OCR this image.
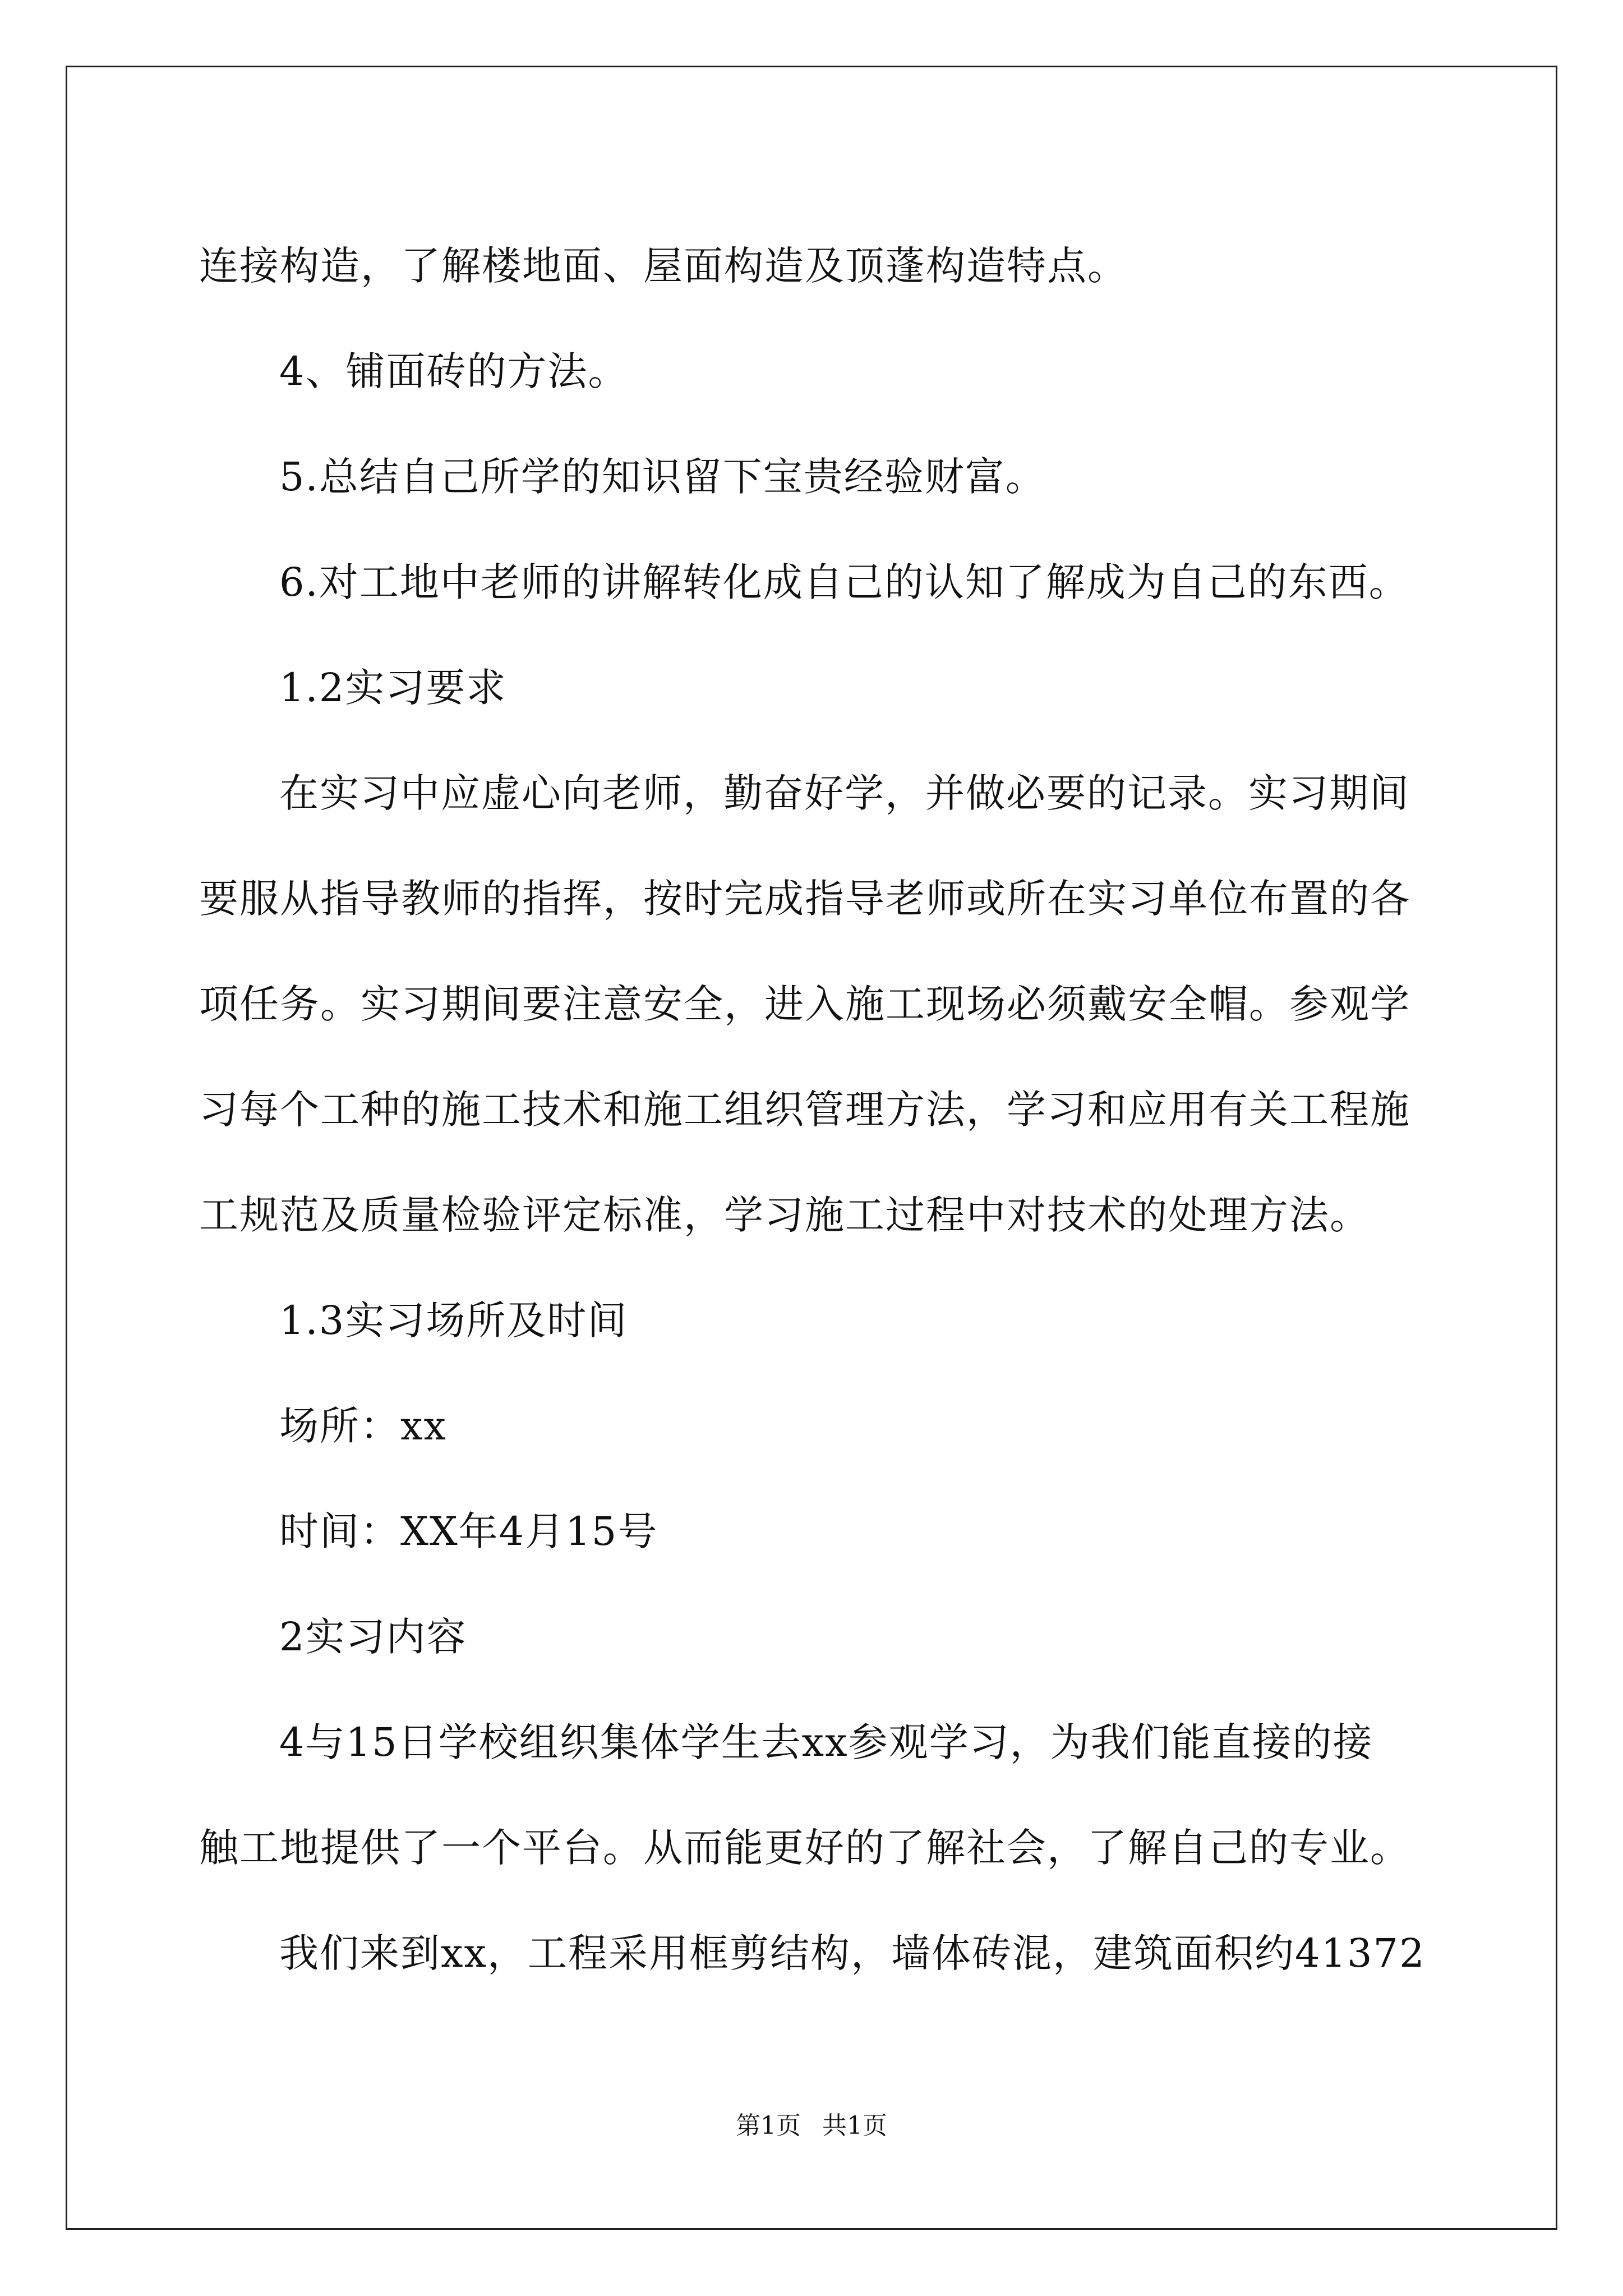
连接构造，了解楼地面、屋面构造及顶蓬构造特点。

4、铺面砖的方法。

5.总结自己所学的知识留下宝贵经验财富。

6.对工地中老师的讲解转化成自己的认知了解成为自己的东西。

1.2实习要求

在实习中应虚心向老师，勤奋好学，并做必要的记录。实习期间
要服从指导教师的指挥，按时完成指导老师或所在实习单位布置的各
项任务。实习期间要注意安全，进入施工现场必须戴安全帽。参观学
习每个工种的施工技术和施工组织管理方法，学习和应用有关工程施
工规范及质量检验评定标准，学习施工过程中对技术的处理方法。

1.3实习场所及时间

场所：xx

时间：XX年4月15号

2实习内容

4与15日学校组织集体学生去xx参观学习，为我们能直接的接
触工地提供了一个平台。从而能更好的了解社会，了解自己的专业。

我们来到xx，工程采用框剪结构，墙体砖混，建筑面积约41372

第1页 共1页
